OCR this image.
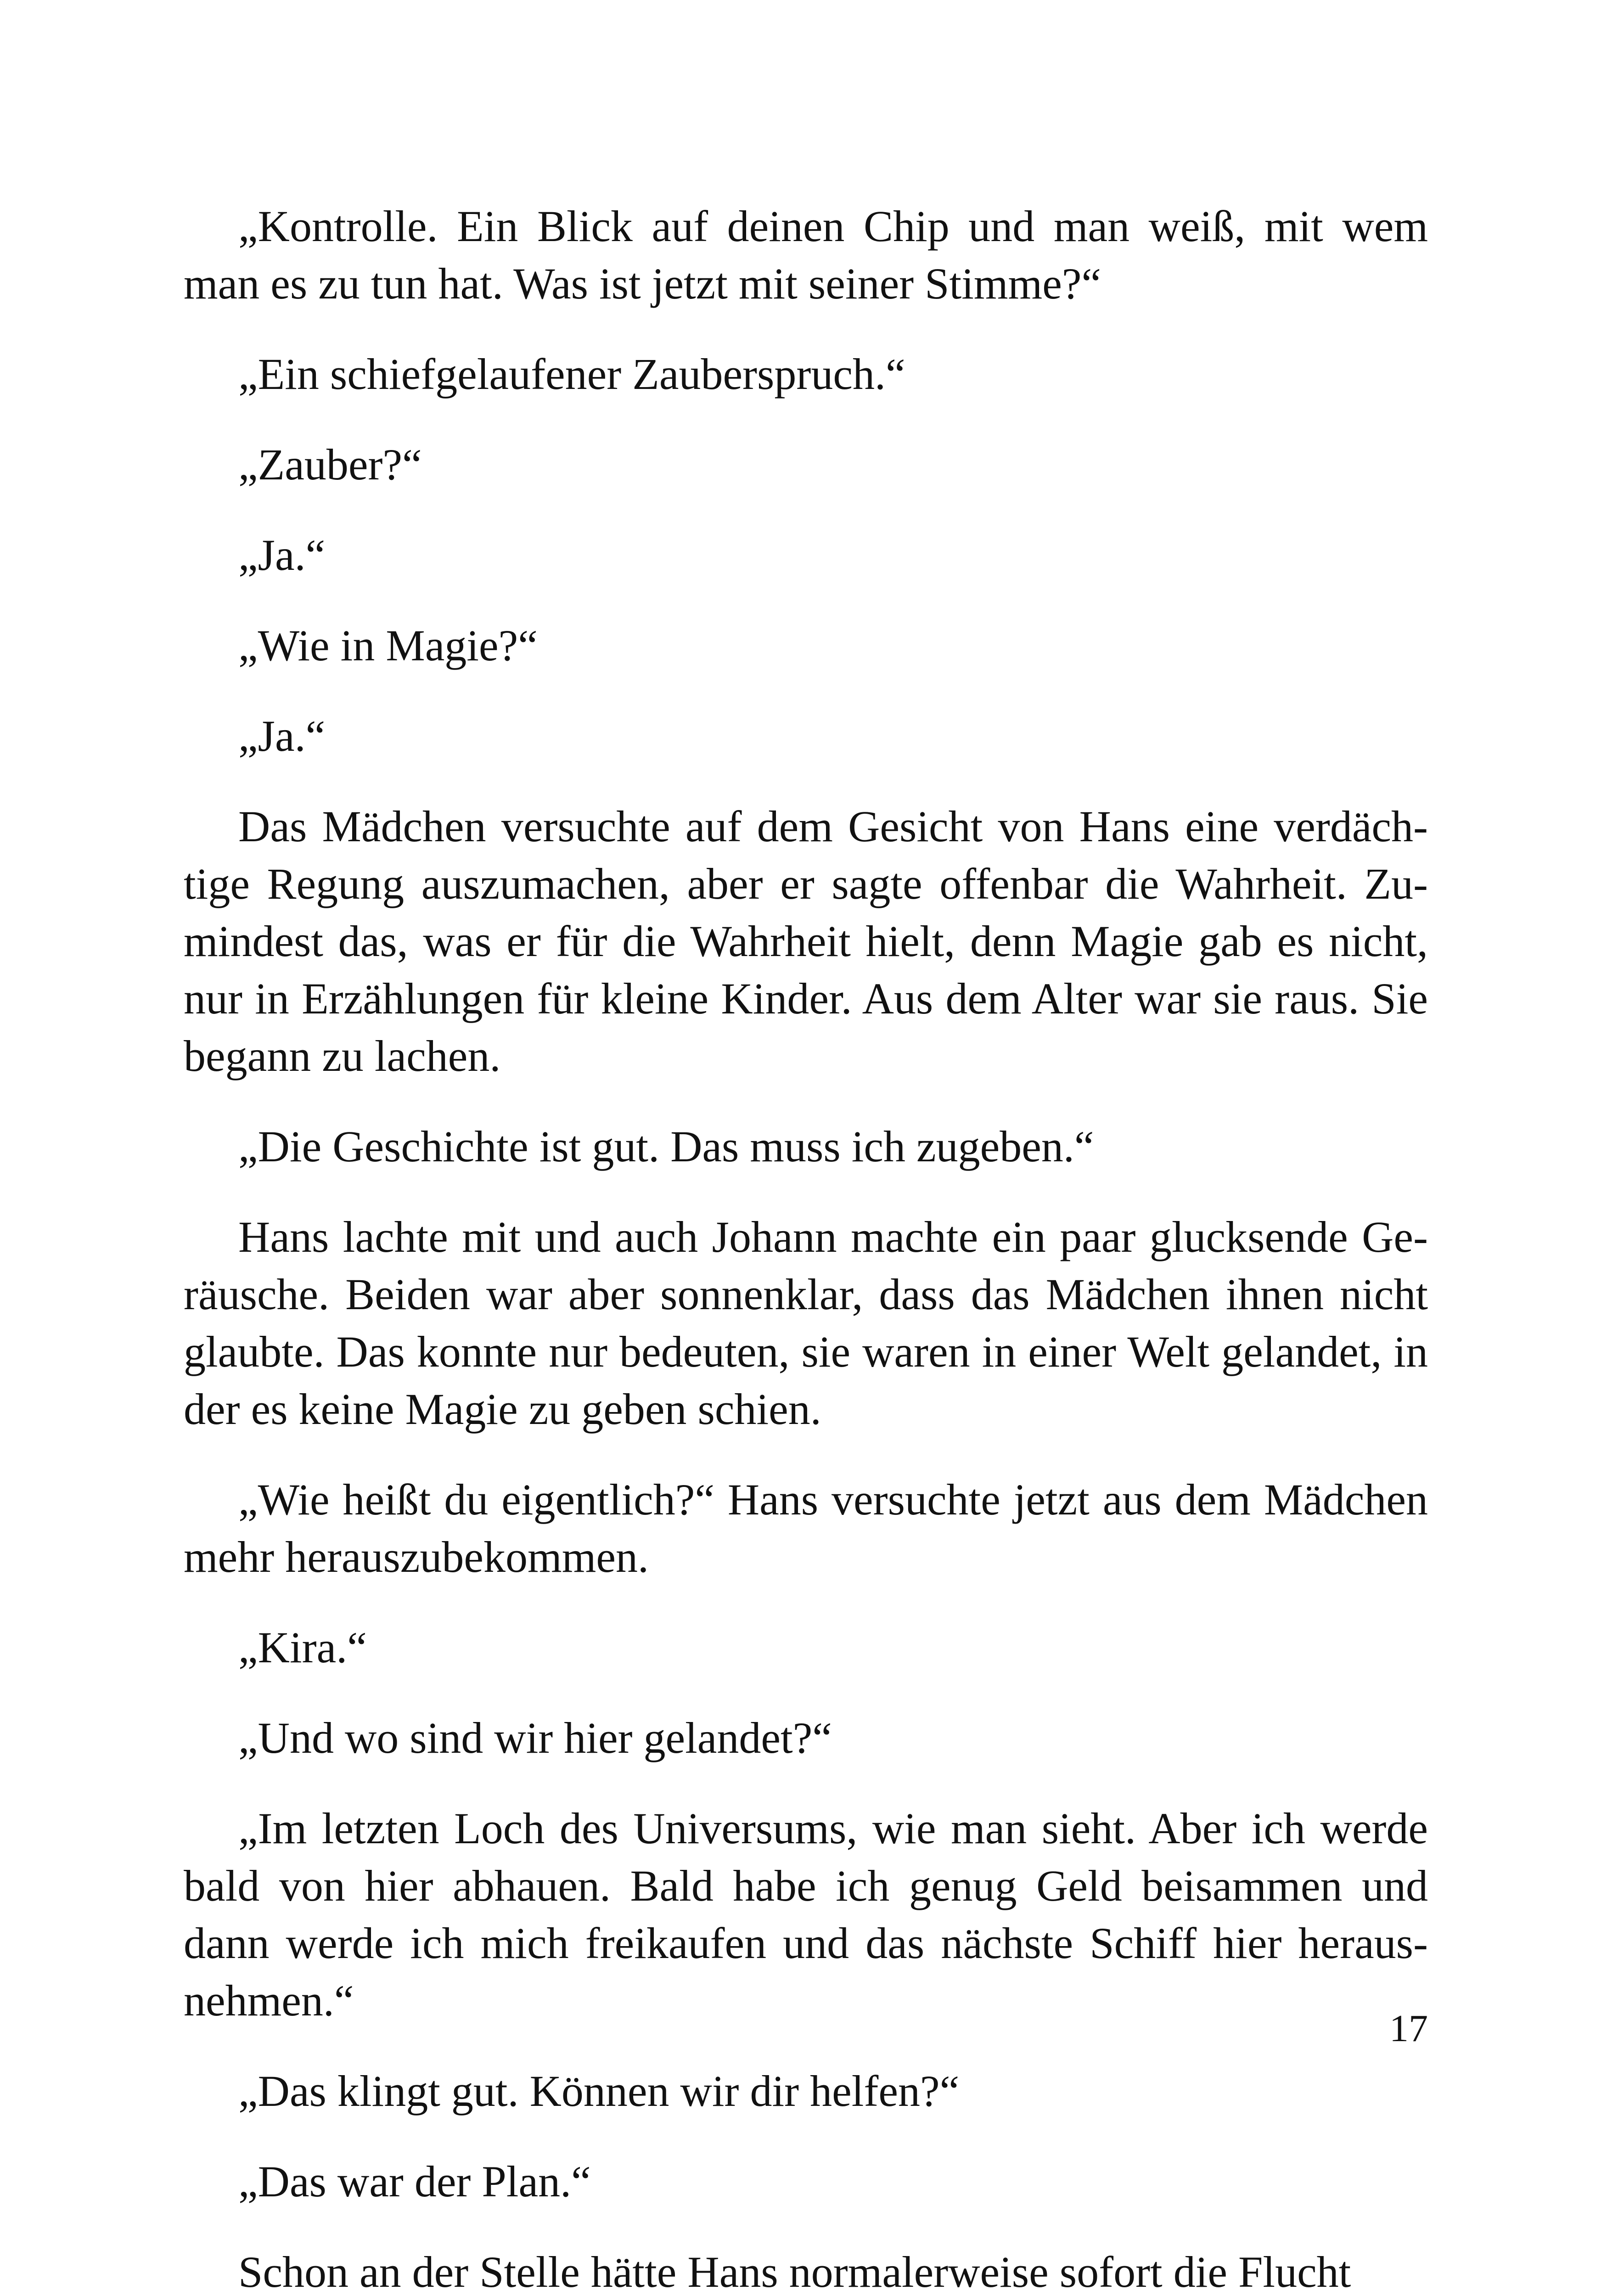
„Kontrolle. Ein Blick auf deinen Chip und man weiß, mit wem man es zu tun hat. Was ist jetzt mit seiner Stimme?“

„Ein schiefgelaufener Zauberspruch.“

„Zauber?“

„Ja.“

„Wie in Magie?“

„Ja.“

Das Mädchen versuchte auf dem Gesicht von Hans eine verdächtige Regung auszumachen, aber er sagte offenbar die Wahrheit. Zumindest das, was er für die Wahrheit hielt, denn Magie gab es nicht, nur in Erzählungen für kleine Kinder. Aus dem Alter war sie raus. Sie begann zu lachen.

„Die Geschichte ist gut. Das muss ich zugeben.“

Hans lachte mit und auch Johann machte ein paar glucksende Geräusche. Beiden war aber sonnenklar, dass das Mädchen ihnen nicht glaubte. Das konnte nur bedeuten, sie waren in einer Welt gelandet, in der es keine Magie zu geben schien.

„Wie heißt du eigentlich?“ Hans versuchte jetzt aus dem Mädchen mehr herauszubekommen.

„Kira.“

„Und wo sind wir hier gelandet?“

„Im letzten Loch des Universums, wie man sieht. Aber ich werde bald von hier abhauen. Bald habe ich genug Geld beisammen und dann werde ich mich freikaufen und das nächste Schiff hier herausnehmen.“

„Das klingt gut. Können wir dir helfen?“

„Das war der Plan.“

Schon an der Stelle hätte Hans normalerweise sofort die Flucht

17
